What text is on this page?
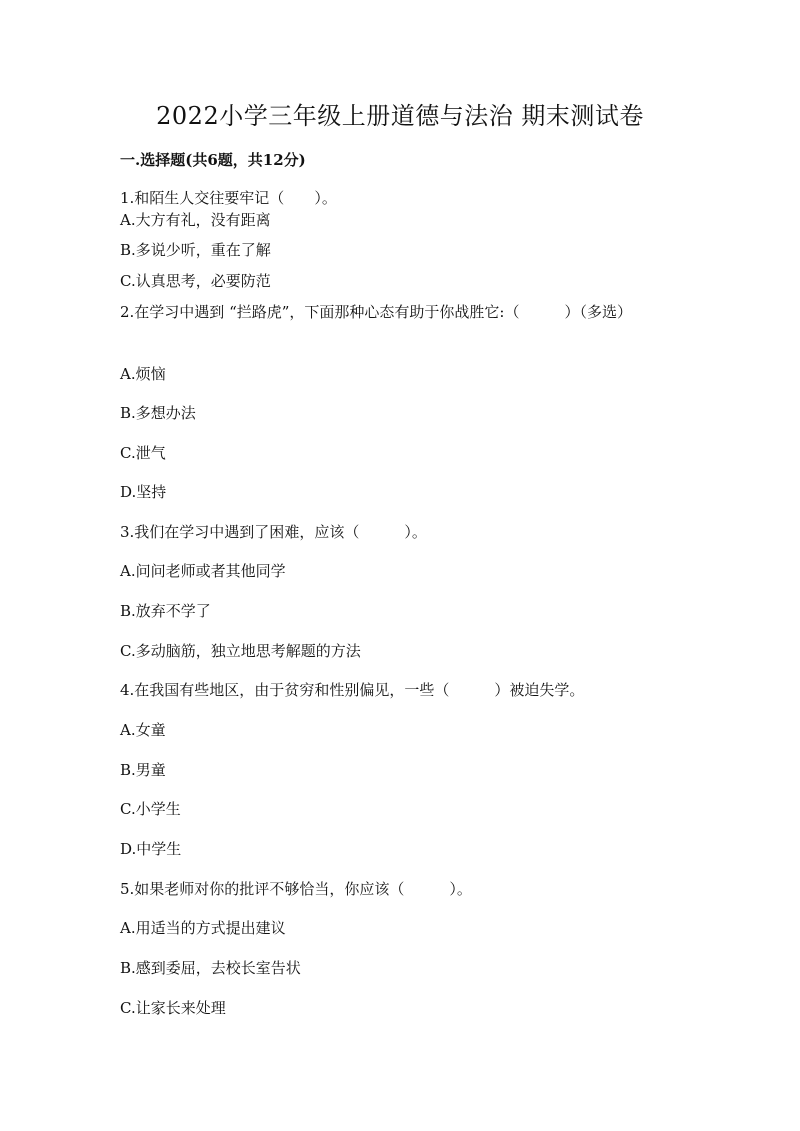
2022小学三年级上册道德与法治 期末测试卷
一.选择题(共6题，共12分)
1.和陌生人交往要牢记（　　）。
A.大方有礼，没有距离
B.多说少听，重在了解
C.认真思考，必要防范
2.在学习中遇到 “拦路虎”，下面那种心态有助于你战胜它:（　　　）（多选）
A.烦恼
B.多想办法
C.泄气
D.坚持
3.我们在学习中遇到了困难，应该（　　　）。
A.问问老师或者其他同学
B.放弃不学了
C.多动脑筋，独立地思考解题的方法
4.在我国有些地区，由于贫穷和性别偏见，一些（　　　）被迫失学。
A.女童
B.男童
C.小学生
D.中学生
5.如果老师对你的批评不够恰当，你应该（　　　）。
A.用适当的方式提出建议
B.感到委屈，去校长室告状
C.让家长来处理
